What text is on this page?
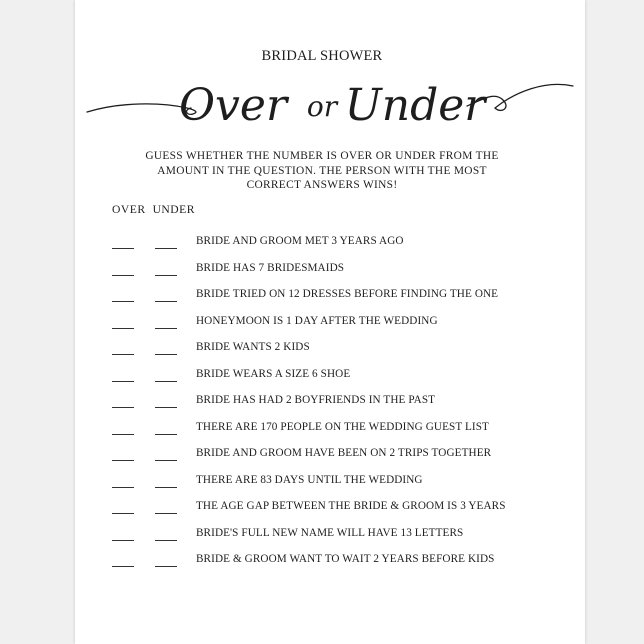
BRIDAL SHOWER
Over or Under
GUESS WHETHER THE NUMBER IS OVER OR UNDER FROM THE AMOUNT IN THE QUESTION. THE PERSON WITH THE MOST CORRECT ANSWERS WINS!
OVER UNDER
BRIDE AND GROOM MET 3 YEARS AGO
BRIDE HAS 7 BRIDESMAIDS
BRIDE TRIED ON 12 DRESSES BEFORE FINDING THE ONE
HONEYMOON IS 1 DAY AFTER THE WEDDING
BRIDE WANTS 2 KIDS
BRIDE WEARS A SIZE 6 SHOE
BRIDE HAS HAD 2 BOYFRIENDS IN THE PAST
THERE ARE 170 PEOPLE ON THE WEDDING GUEST LIST
BRIDE AND GROOM HAVE BEEN ON 2 TRIPS TOGETHER
THERE ARE 83 DAYS UNTIL THE WEDDING
THE AGE GAP BETWEEN THE BRIDE & GROOM IS 3 YEARS
BRIDE'S FULL NEW NAME WILL HAVE 13 LETTERS
BRIDE & GROOM WANT TO WAIT 2 YEARS BEFORE KIDS
